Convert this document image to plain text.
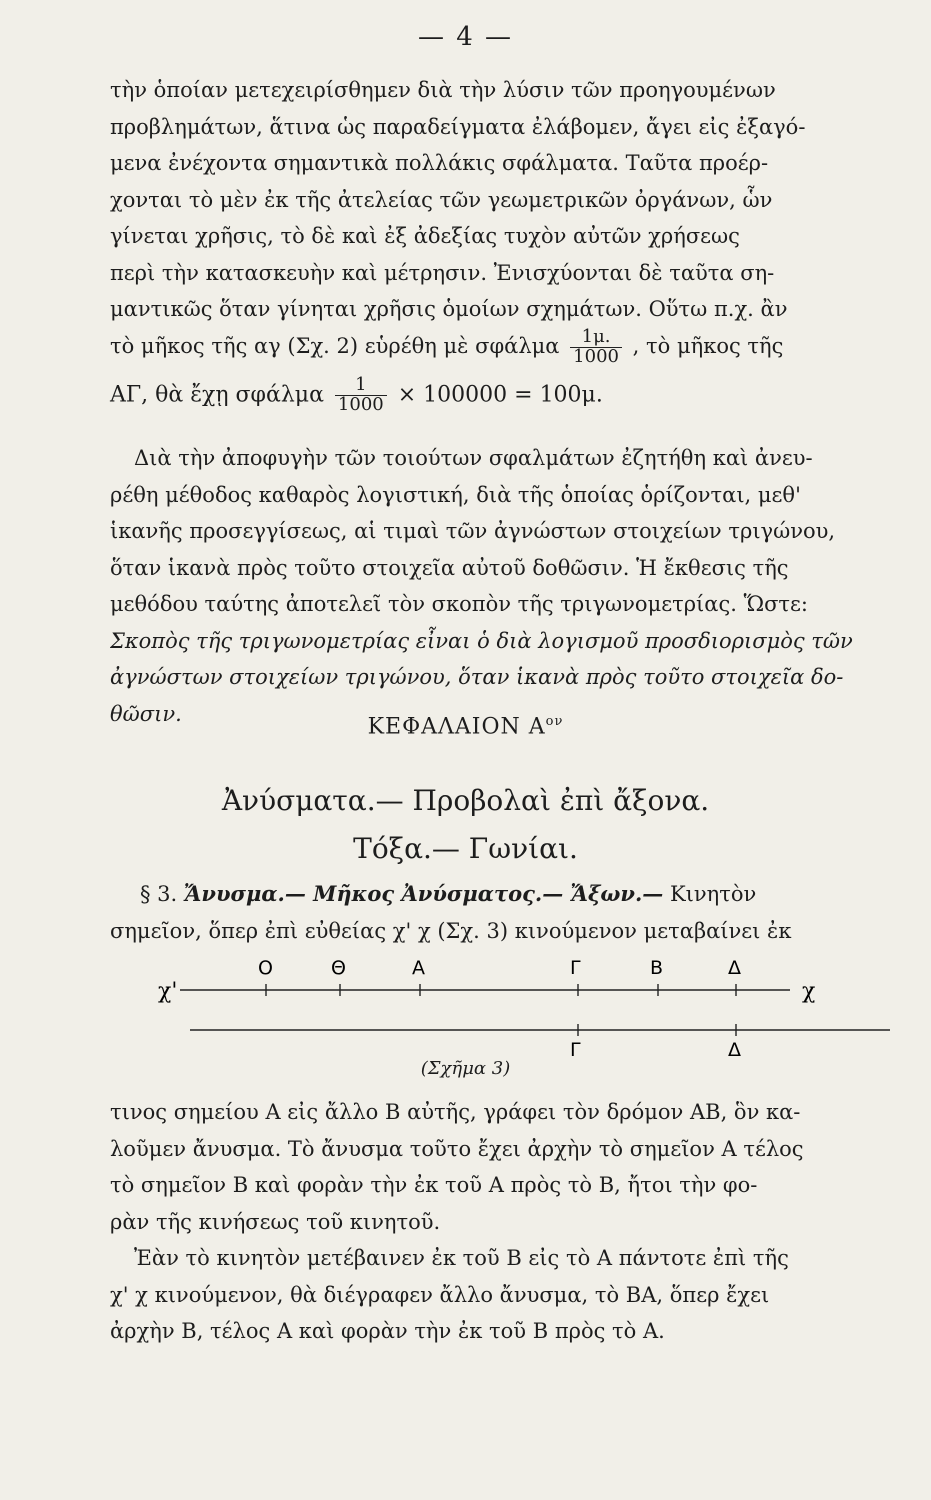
— 4 —
τὴν ὁποίαν μετεχειρίσθημεν διὰ τὴν λύσιν τῶν προηγουμένων
προβλημάτων, ἅτινα ὡς παραδείγματα ἐλάβομεν, ἄγει εἰς ἐξαγό-
μενα ἐνέχοντα σημαντικὰ πολλάκις σφάλματα. Ταῦτα προέρ-
χονται τὸ μὲν ἐκ τῆς ἀτελείας τῶν γεωμετρικῶν ὀργάνων, ὧν
γίνεται χρῆσις, τὸ δὲ καὶ ἐξ ἀδεξίας τυχὸν αὐτῶν χρήσεως
περὶ τὴν κατασκευὴν καὶ μέτρησιν. Ἐνισχύονται δὲ ταῦτα ση-
μαντικῶς ὅταν γίνηται χρῆσις ὁμοίων σχημάτων. Οὕτω π.χ. ἂν
τὸ μῆκος τῆς αγ (Σχ. 2) εὑρέθη μὲ σφάλμα $\frac{1\mu.}{1000}$ , τὸ μῆκος τῆς
ΑΓ, θὰ ἔχῃ σφάλμα $\frac{1}{1000} \times 100000 = 100\mu$.
Διὰ τὴν ἀποφυγὴν τῶν τοιούτων σφαλμάτων ἐζητήθη καὶ ἀνευ-
ρέθη μέθοδος καθαρὸς λογιστική, διὰ τῆς ὁποίας ὁρίζονται, μεθ'
ἱκανῆς προσεγγίσεως, αἱ τιμαὶ τῶν ἀγνώστων στοιχείων τριγώνου,
ὅταν ἱκανὰ πρὸς τοῦτο στοιχεῖα αὐτοῦ δοθῶσιν. Ἡ ἔκθεσις τῆς
μεθόδου ταύτης ἀποτελεῖ τὸν σκοπὸν τῆς τριγωνομετρίας. Ὥστε:
Σκοπὸς τῆς τριγωνομετρίας εἶναι ὁ διὰ λογισμοῦ προσδιορισμὸς τῶν
ἀγνώστων στοιχείων τριγώνου, ὅταν ἱκανὰ πρὸς τοῦτο στοιχεῖα δο-
θῶσιν.
ΚΕΦΑΛΑΙΟΝ $A^{o\nu}$
Ἀνύσματα.— Προβολαὶ ἐπὶ ἄξονα.
Τόξα.— Γωνίαι.
§ 3. Ἄνυσμα.— Μῆκος Ἀνύσματος.— Ἄξων.— Κινητὸν
σημεῖον, ὅπερ ἐπὶ εὐθείας χ' χ (Σχ. 3) κινούμενον μεταβαίνει ἐκ
χ'	χ
Ο	Θ	Α	Γ	Β	Δ
Γ	Δ
(Σχῆμα 3)
τινος σημείου Α εἰς ἄλλο Β αὐτῆς, γράφει τὸν δρόμον ΑΒ, ὃν κα-
λοῦμεν ἄνυσμα. Τὸ ἄνυσμα τοῦτο ἔχει ἀρχὴν τὸ σημεῖον Α τέλος
τὸ σημεῖον Β καὶ φορὰν τὴν ἐκ τοῦ Α πρὸς τὸ Β, ἤτοι τὴν φο-
ρὰν τῆς κινήσεως τοῦ κινητοῦ.
Ἐὰν τὸ κινητὸν μετέβαινεν ἐκ τοῦ Β εἰς τὸ Α πάντοτε ἐπὶ τῆς
χ' χ κινούμενον, θὰ διέγραφεν ἄλλο ἄνυσμα, τὸ ΒΑ, ὅπερ ἔχει
ἀρχὴν Β, τέλος Α καὶ φορὰν τὴν ἐκ τοῦ Β πρὸς τὸ Α.
